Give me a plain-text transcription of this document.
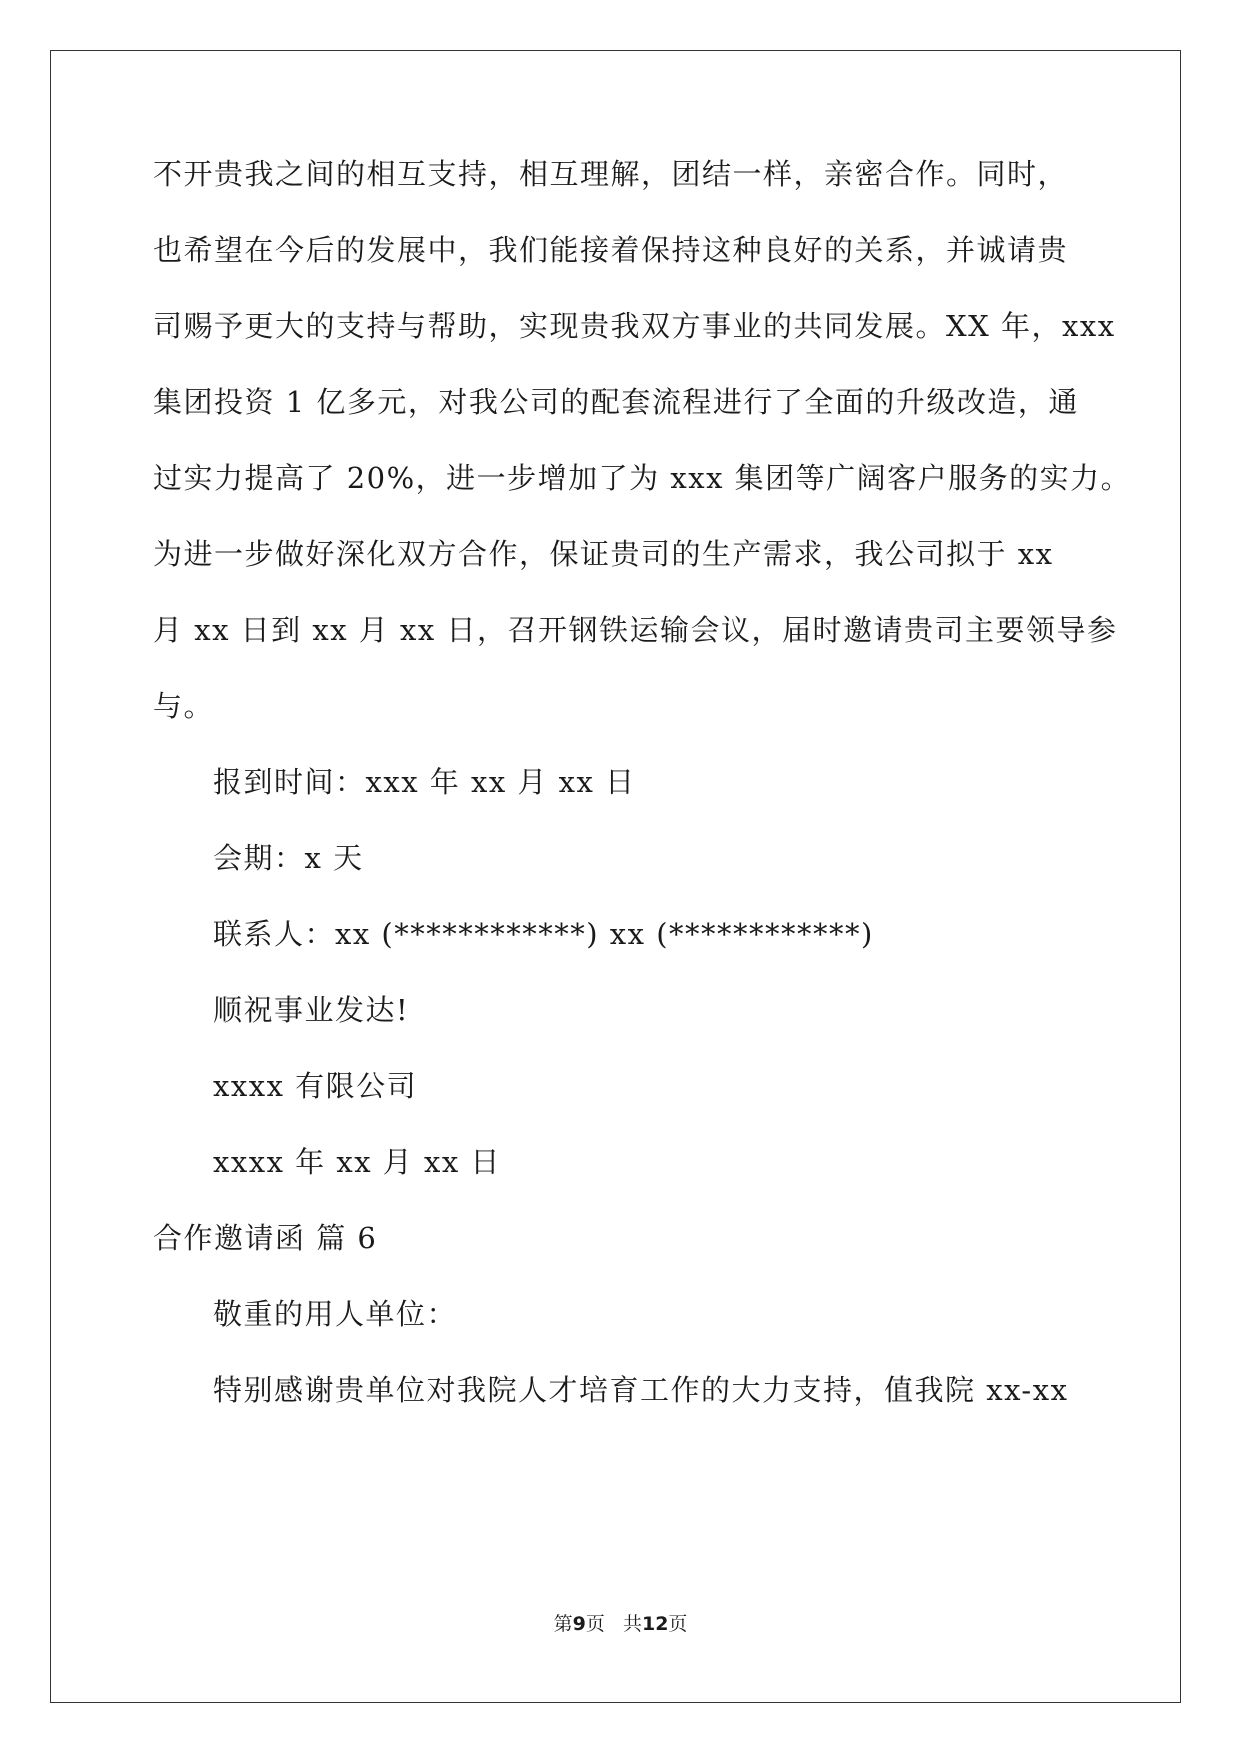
不开贵我之间的相互支持，相互理解，团结一样，亲密合作。同时，
也希望在今后的发展中，我们能接着保持这种良好的关系，并诚请贵
司赐予更大的支持与帮助，实现贵我双方事业的共同发展。XX 年，xxx
集团投资 1 亿多元，对我公司的配套流程进行了全面的升级改造，通
过实力提高了 20%，进一步增加了为 xxx 集团等广阔客户服务的实力。
为进一步做好深化双方合作，保证贵司的生产需求，我公司拟于 xx
月 xx 日到 xx 月 xx 日，召开钢铁运输会议，届时邀请贵司主要领导参
与。
报到时间：xxx 年 xx 月 xx 日
会期：x 天
联系人：xx (************) xx (************)
顺祝事业发达!
xxxx 有限公司
xxxx 年 xx 月 xx 日
合作邀请函 篇 6
敬重的用人单位：
特别感谢贵单位对我院人才培育工作的大力支持，值我院 xx-xx
第9页 共12页
